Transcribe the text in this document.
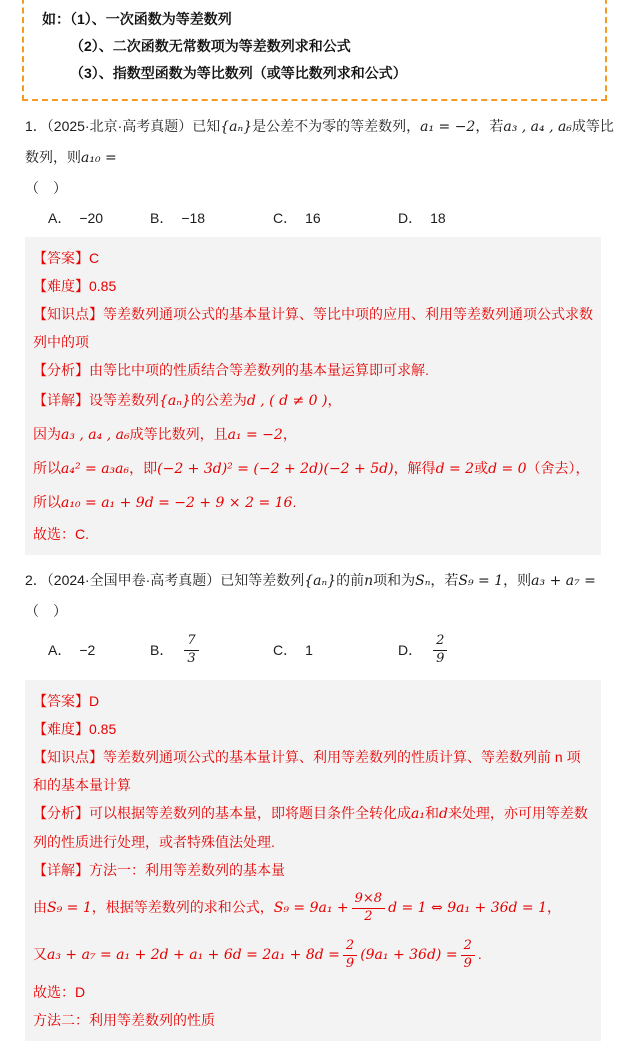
如：（1）、一次函数为等差数列
（2）、二次函数无常数项为等差数列求和公式
（3）、指数型函数为等比数列（或等比数列求和公式）
1．（2025·北京·高考真题）已知{aₙ}是公差不为零的等差数列，a₁ = −2，若a₃ , a₄ , a₆成等比数列，则a₁₀ =
（　）
A． −20	B． −18	C． 16	D． 18
【答案】C
【难度】0.85
【知识点】等差数列通项公式的基本量计算、等比中项的应用、利用等差数列通项公式求数列中的项
【分析】由等比中项的性质结合等差数列的基本量运算即可求解.
【详解】设等差数列{aₙ}的公差为d , ( d ≠ 0 )，
因为a₃ , a₄ , a₆成等比数列，且a₁ = −2，
所以a₄² = a₃a₆，即(−2 + 3d)² = (−2 + 2d)(−2 + 5d)，解得d = 2或d = 0（舍去），
所以a₁₀ = a₁ + 9d = −2 + 9 × 2 = 16.
故选：C.
2．（2024·全国甲卷·高考真题）已知等差数列{aₙ}的前n项和为Sₙ，若S₉ = 1，则a₃ + a₇ =（　）
A． −2	B． $\frac{7}{3}$	C． 1	D． $\frac{2}{9}$
【答案】D
【难度】0.85
【知识点】等差数列通项公式的基本量计算、利用等差数列的性质计算、等差数列前 n 项和的基本量计算
【分析】可以根据等差数列的基本量，即将题目条件全转化成a₁和d来处理，亦可用等差数列的性质进行处理，或者特殊值法处理.
【详解】方法一：利用等差数列的基本量
由S₉ = 1，根据等差数列的求和公式，$S_9 = 9a_1 + \frac{9\times 8}{2}$ d = 1 ⇔ 9a₁ + 36d = 1，
又$a_3 + a_7 = a_1 + 2d + a_1 + 6d = 2a_1 + 8d = \frac{2}{9} (9a_1 + 36d) = \frac{2}{9}$ .
故选：D
方法二：利用等差数列的性质
